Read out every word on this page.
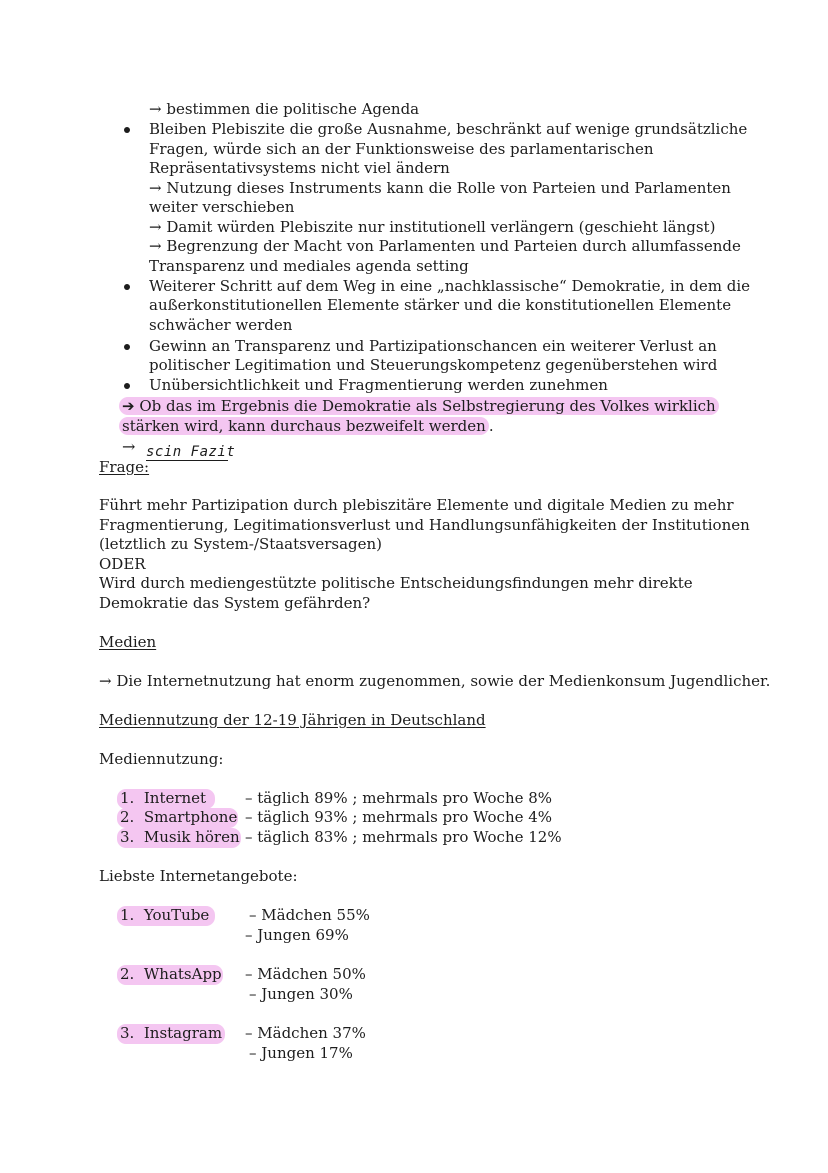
→ bestimmen die politische Agenda
Bleiben Plebiszite die große Ausnahme, beschränkt auf wenige grundsätzliche
Fragen, würde sich an der Funktionsweise des parlamentarischen
Repräsentativsystems nicht viel ändern
→ Nutzung dieses Instruments kann die Rolle von Parteien und Parlamenten
weiter verschieben
→ Damit würden Plebiszite nur institutionell verlängern (geschieht längst)
→ Begrenzung der Macht von Parlamenten und Parteien durch allumfassende
Transparenz und mediales agenda setting
Weiterer Schritt auf dem Weg in eine „nachklassische“ Demokratie, in dem die
außerkonstitutionellen Elemente stärker und die konstitutionellen Elemente
schwächer werden
Gewinn an Transparenz und Partizipationschancen ein weiterer Verlust an
politischer Legitimation und Steuerungskompetenz gegenüberstehen wird
Unübersichtlichkeit und Fragmentierung werden zunehmen
➔ Ob das im Ergebnis die Demokratie als Selbstregierung des Volkes wirklich
stärken wird, kann durchaus bezweifelt werden .
→ scin Fazit
Frage:
Führt mehr Partizipation durch plebiszitäre Elemente und digitale Medien zu mehr
Fragmentierung, Legitimationsverlust und Handlungsunfähigkeiten der Institutionen
(letztlich zu System-/Staatsversagen)
ODER
Wird durch mediengestützte politische Entscheidungsfindungen mehr direkte
Demokratie das System gefährden?
Medien
→ Die Internetnutzung hat enorm zugenommen, sowie der Medienkonsum Jugendlicher.
Mediennutzung der 12-19 Jährigen in Deutschland
Mediennutzung:
1. Internet	– täglich 89% ; mehrmals pro Woche 8%
2. Smartphone – täglich 93% ; mehrmals pro Woche 4%
3. Musik hören – täglich 83% ; mehrmals pro Woche 12%
Liebste Internetangebote:
1. YouTube	– Mädchen 55%
– Jungen 69%
2. WhatsApp – Mädchen 50%
– Jungen 30%
3. Instagram – Mädchen 37%
– Jungen 17%
